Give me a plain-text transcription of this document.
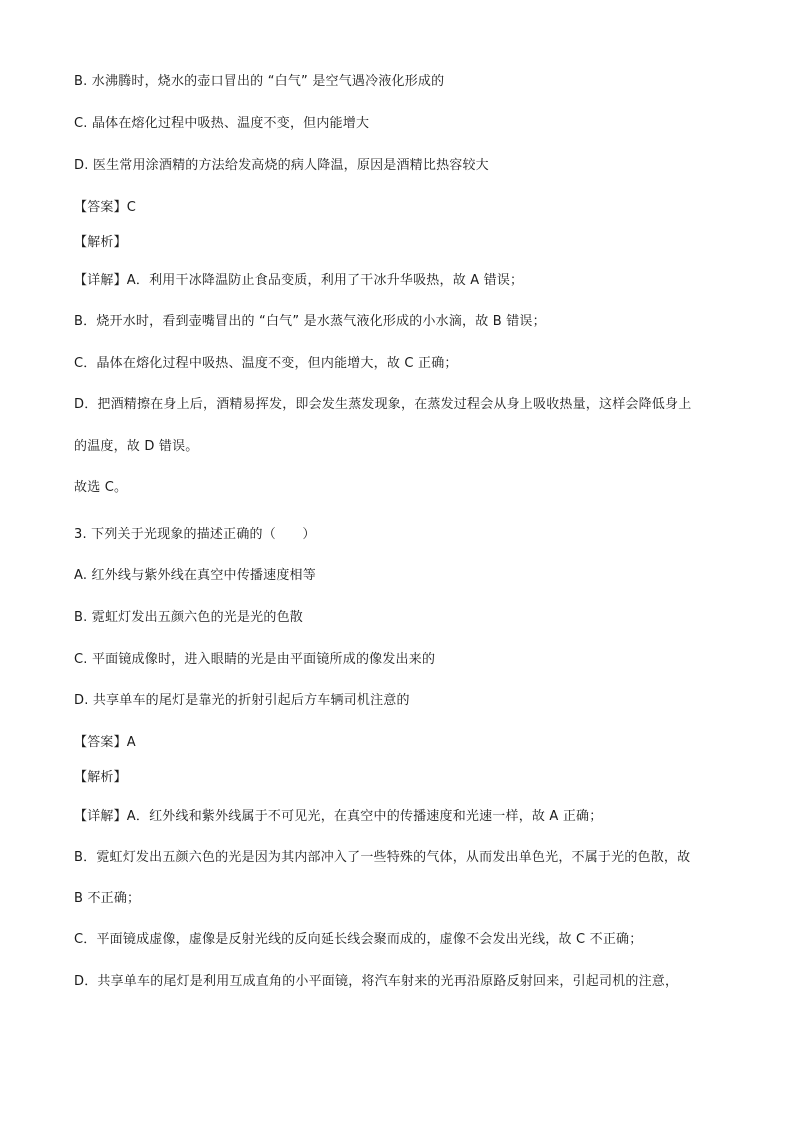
B. 水沸腾时，烧水的壶口冒出的 “白气” 是空气遇冷液化形成的
C. 晶体在熔化过程中吸热、温度不变，但内能增大
D. 医生常用涂酒精的方法给发高烧的病人降温，原因是酒精比热容较大
【答案】C
【解析】
【详解】A．利用干冰降温防止食品变质，利用了干冰升华吸热，故 A 错误；
B．烧开水时，看到壶嘴冒出的 “白气” 是水蒸气液化形成的小水滴，故 B 错误；
C．晶体在熔化过程中吸热、温度不变，但内能增大，故 C 正确；
D．把酒精擦在身上后，酒精易挥发，即会发生蒸发现象，在蒸发过程会从身上吸收热量，这样会降低身上
的温度，故 D 错误。
故选 C。
3. 下列关于光现象的描述正确的（　　）
A. 红外线与紫外线在真空中传播速度相等
B. 霓虹灯发出五颜六色的光是光的色散
C. 平面镜成像时，进入眼睛的光是由平面镜所成的像发出来的
D. 共享单车的尾灯是靠光的折射引起后方车辆司机注意的
【答案】A
【解析】
【详解】A．红外线和紫外线属于不可见光，在真空中的传播速度和光速一样，故 A 正确；
B．霓虹灯发出五颜六色的光是因为其内部冲入了一些特殊的气体，从而发出单色光，不属于光的色散，故
B 不正确；
C．平面镜成虚像，虚像是反射光线的反向延长线会聚而成的，虚像不会发出光线，故 C 不正确；
D．共享单车的尾灯是利用互成直角的小平面镜，将汽车射来的光再沿原路反射回来，引起司机的注意，
